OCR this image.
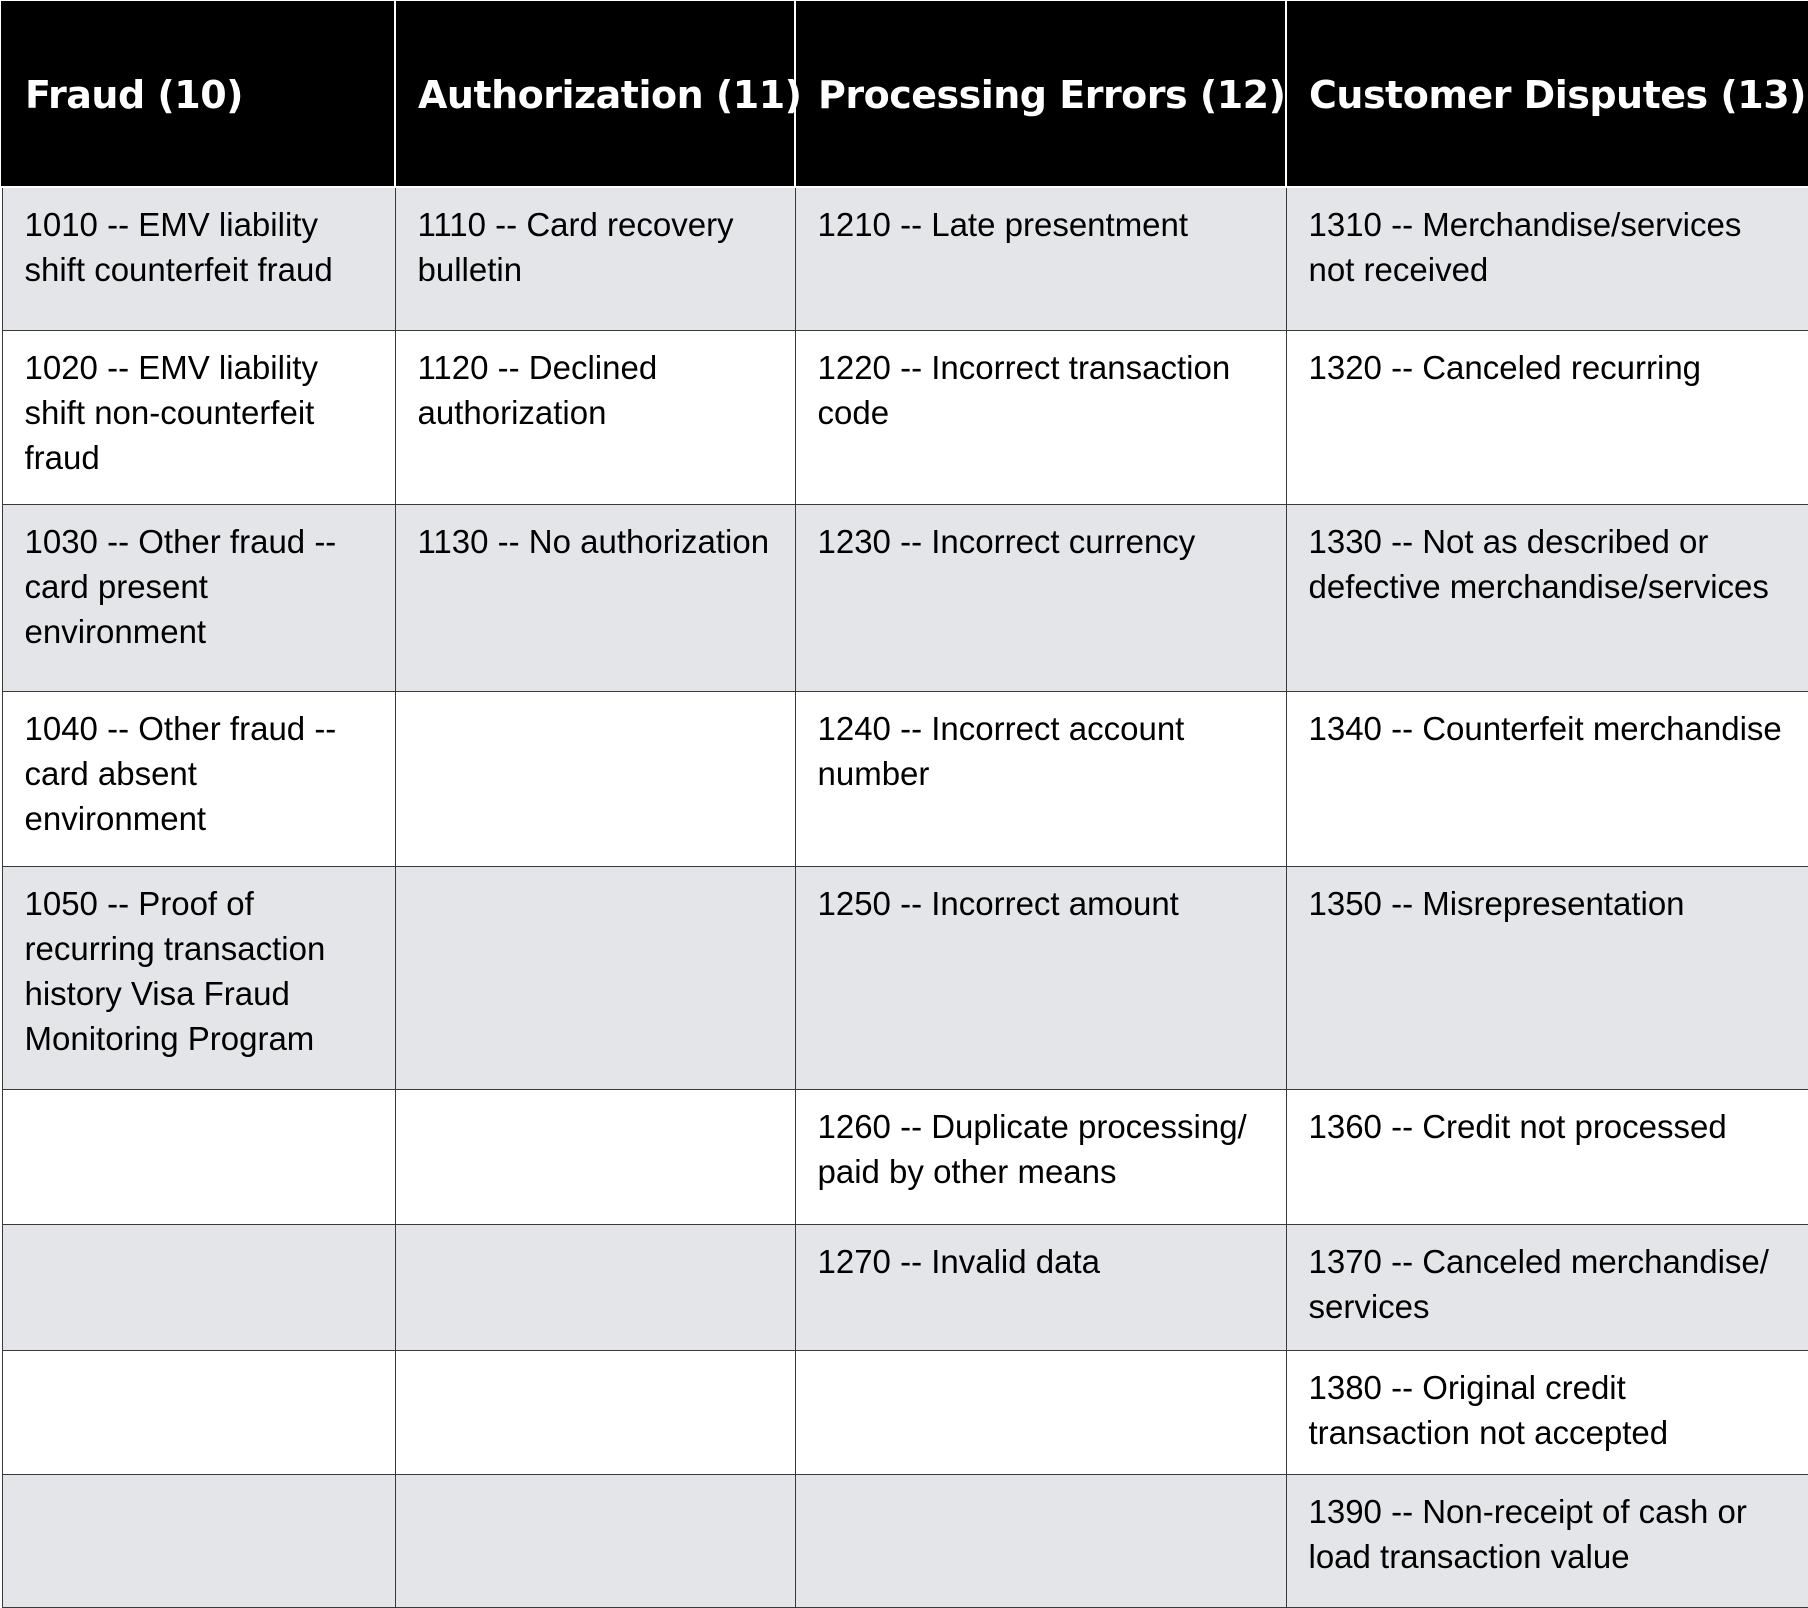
Fraud (10)	Authorization (11)	Processing Errors (12)	Customer Disputes (13)
1010 -- EMV liability shift counterfeit fraud	1110 -- Card recovery bulletin	1210 -- Late presentment	1310 -- Merchandise/services not received
1020 -- EMV liability shift non-counterfeit fraud	1120 -- Declined authorization	1220 -- Incorrect transaction code	1320 -- Canceled recurring
1030 -- Other fraud -- card present environment	1130 -- No authorization	1230 -- Incorrect currency	1330 -- Not as described or defective merchandise/services
1040 -- Other fraud -- card absent environment		1240 -- Incorrect account number	1340 -- Counterfeit merchandise
1050 -- Proof of recurring transaction history Visa Fraud Monitoring Program		1250 -- Incorrect amount	1350 -- Misrepresentation
		1260 -- Duplicate processing/ paid by other means	1360 -- Credit not processed
		1270 -- Invalid data	1370 -- Canceled merchandise/ services
			1380 -- Original credit transaction not accepted
			1390 -- Non-receipt of cash or load transaction value
